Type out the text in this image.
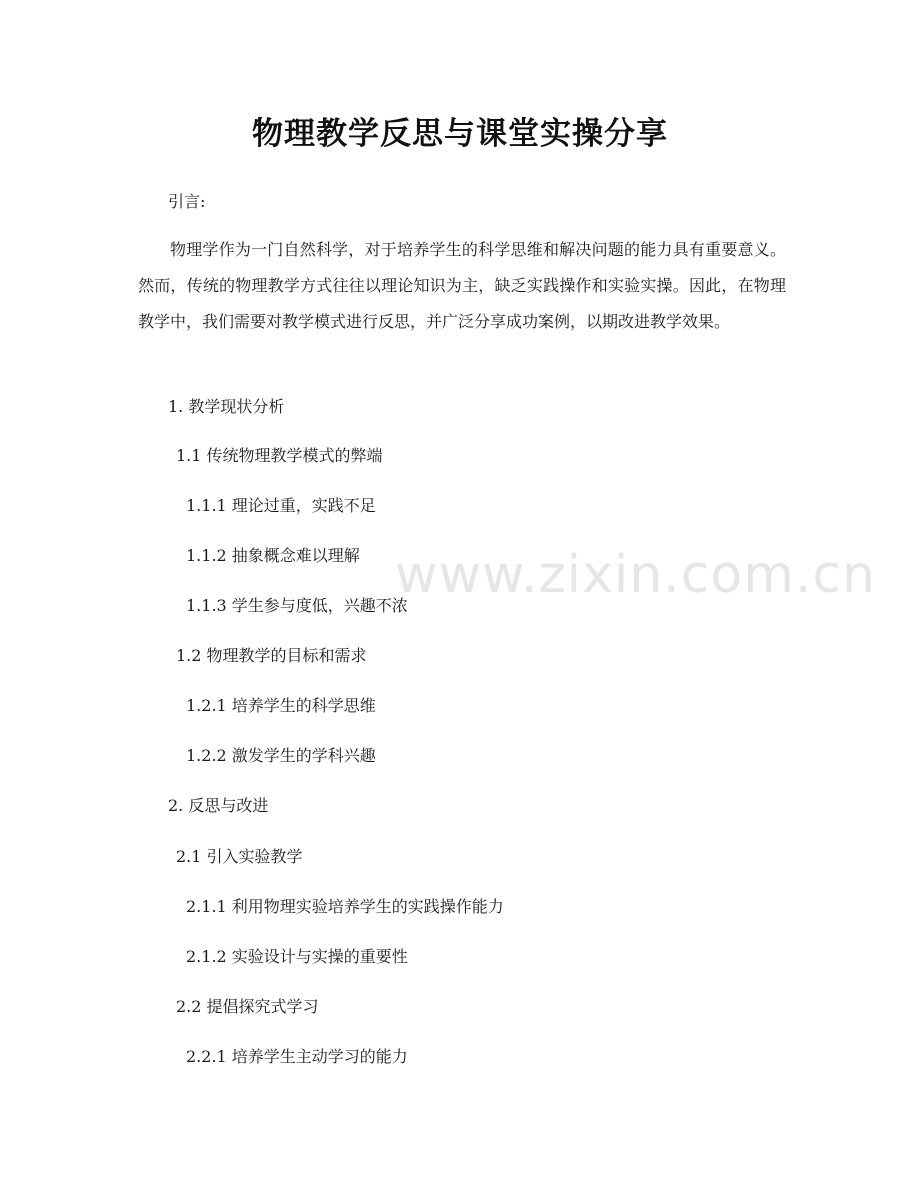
www.zixin.com.cn
物理教学反思与课堂实操分享
引言:
物理学作为一门自然科学，对于培养学生的科学思维和解决问题的能力具有重要意义。然而，传统的物理教学方式往往以理论知识为主，缺乏实践操作和实验实操。因此，在物理教学中，我们需要对教学模式进行反思，并广泛分享成功案例，以期改进教学效果。
1. 教学现状分析
1.1 传统物理教学模式的弊端
1.1.1 理论过重，实践不足
1.1.2 抽象概念难以理解
1.1.3 学生参与度低，兴趣不浓
1.2 物理教学的目标和需求
1.2.1 培养学生的科学思维
1.2.2 激发学生的学科兴趣
2. 反思与改进
2.1 引入实验教学
2.1.1 利用物理实验培养学生的实践操作能力
2.1.2 实验设计与实操的重要性
2.2 提倡探究式学习
2.2.1 培养学生主动学习的能力
